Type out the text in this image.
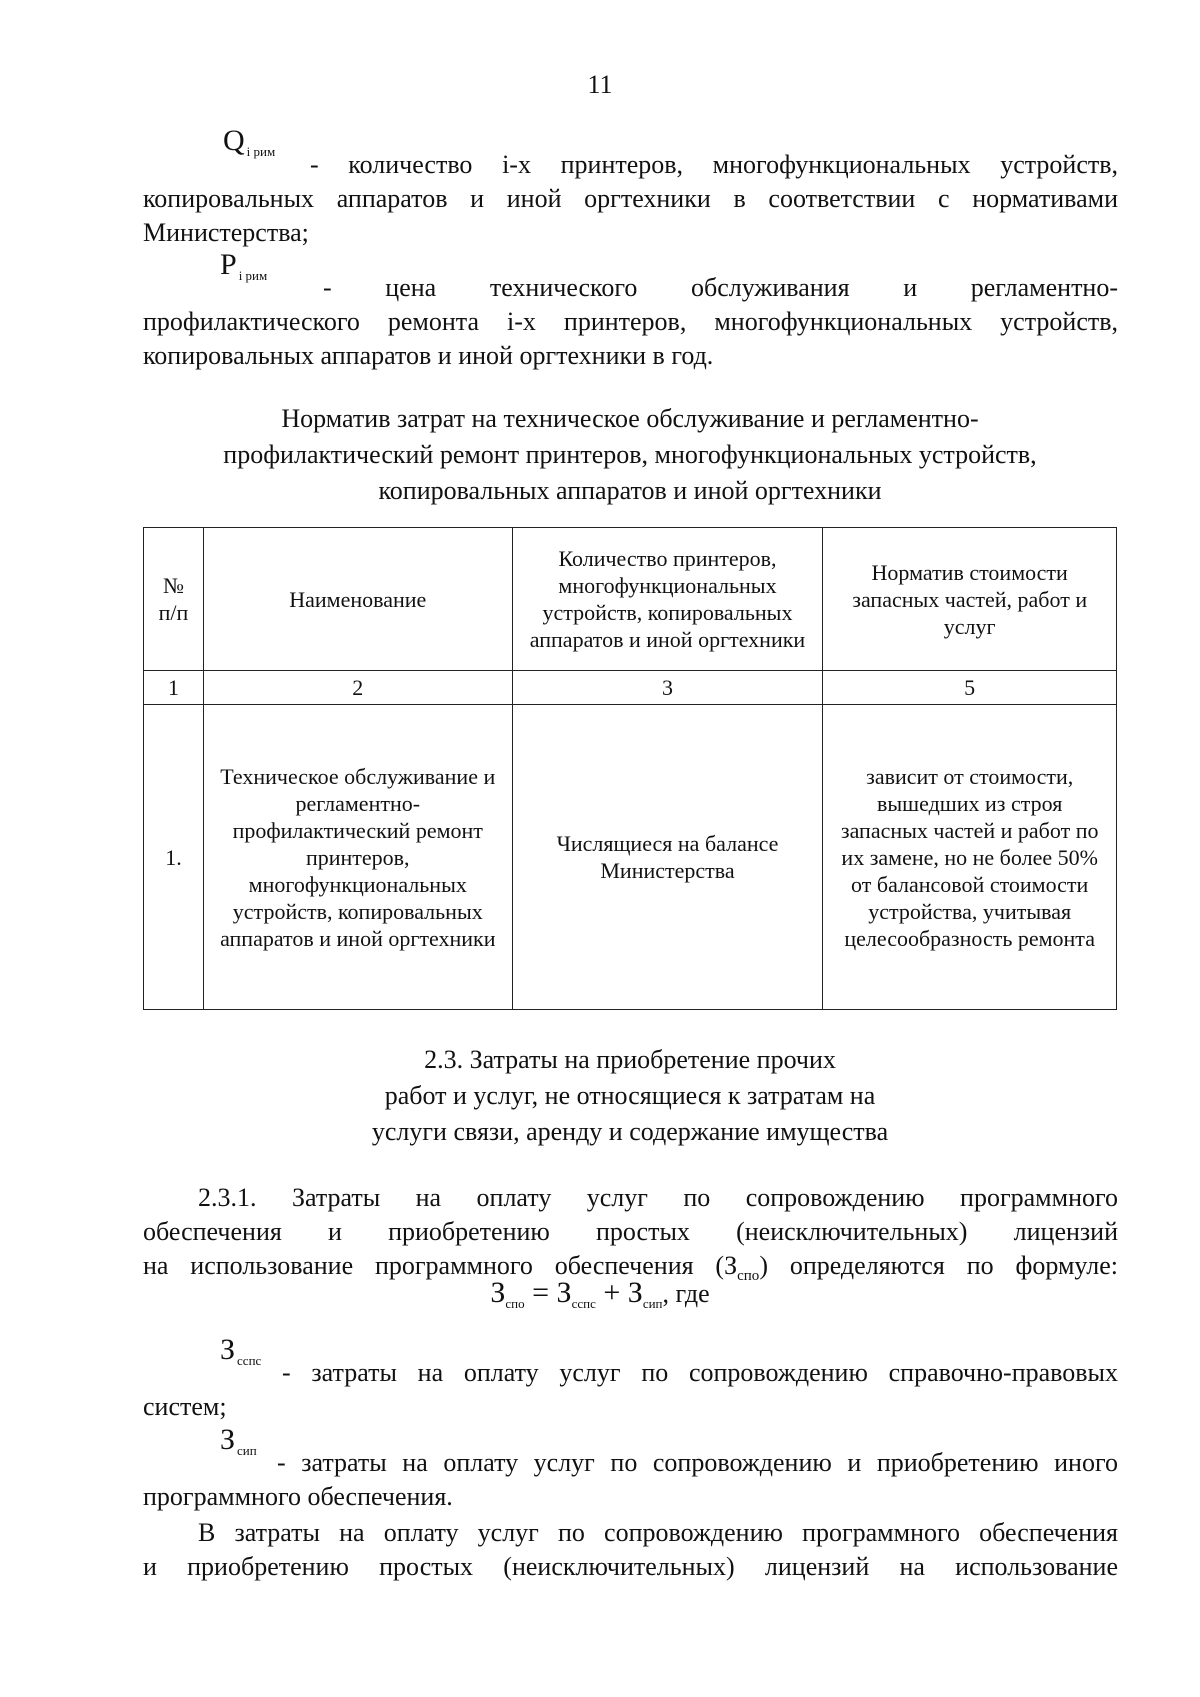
11
Q $_{i рим}$ - количество i-х принтеров, многофункциональных устройств,
копировальных аппаратов и иной оргтехники в соответствии с нормативами
Министерства;
P $_{i рим}$ - цена технического обслуживания и регламентно-
профилактического ремонта i-х принтеров, многофункциональных устройств,
копировальных аппаратов и иной оргтехники в год.
Норматив затрат на техническое обслуживание и регламентно-
профилактический ремонт принтеров, многофункциональных устройств,
копировальных аппаратов и иной оргтехники
№ п/п	Наименование	Количество принтеров, многофункциональных устройств, копировальных аппаратов и иной оргтехники	Норматив стоимости запасных частей, работ и услуг
1	2	3	5
1.	Техническое обслуживание и регламентно-профилактический ремонт принтеров, многофункциональных устройств, копировальных аппаратов и иной оргтехники	Числящиеся на балансе Министерства	зависит от стоимости, вышедших из строя запасных частей и работ по их замене, но не более 50% от балансовой стоимости устройства, учитывая целесообразность ремонта
2.3. Затраты на приобретение прочих
работ и услуг, не относящиеся к затратам на
услуги связи, аренду и содержание имущества
2.3.1. Затраты на оплату услуг по сопровождению программного
обеспечения и приобретению простых (неисключительных) лицензий
на использование программного обеспечения $(З_{спо})$ определяются по формуле:
$З_{спо} = З_{сспс} + З_{сип}$, где
З $_{сспс}$ - затраты на оплату услуг по сопровождению справочно-правовых
систем;
З $_{сип}$ - затраты на оплату услуг по сопровождению и приобретению иного
программного обеспечения.
В затраты на оплату услуг по сопровождению программного обеспечения
и приобретению простых (неисключительных) лицензий на использование
